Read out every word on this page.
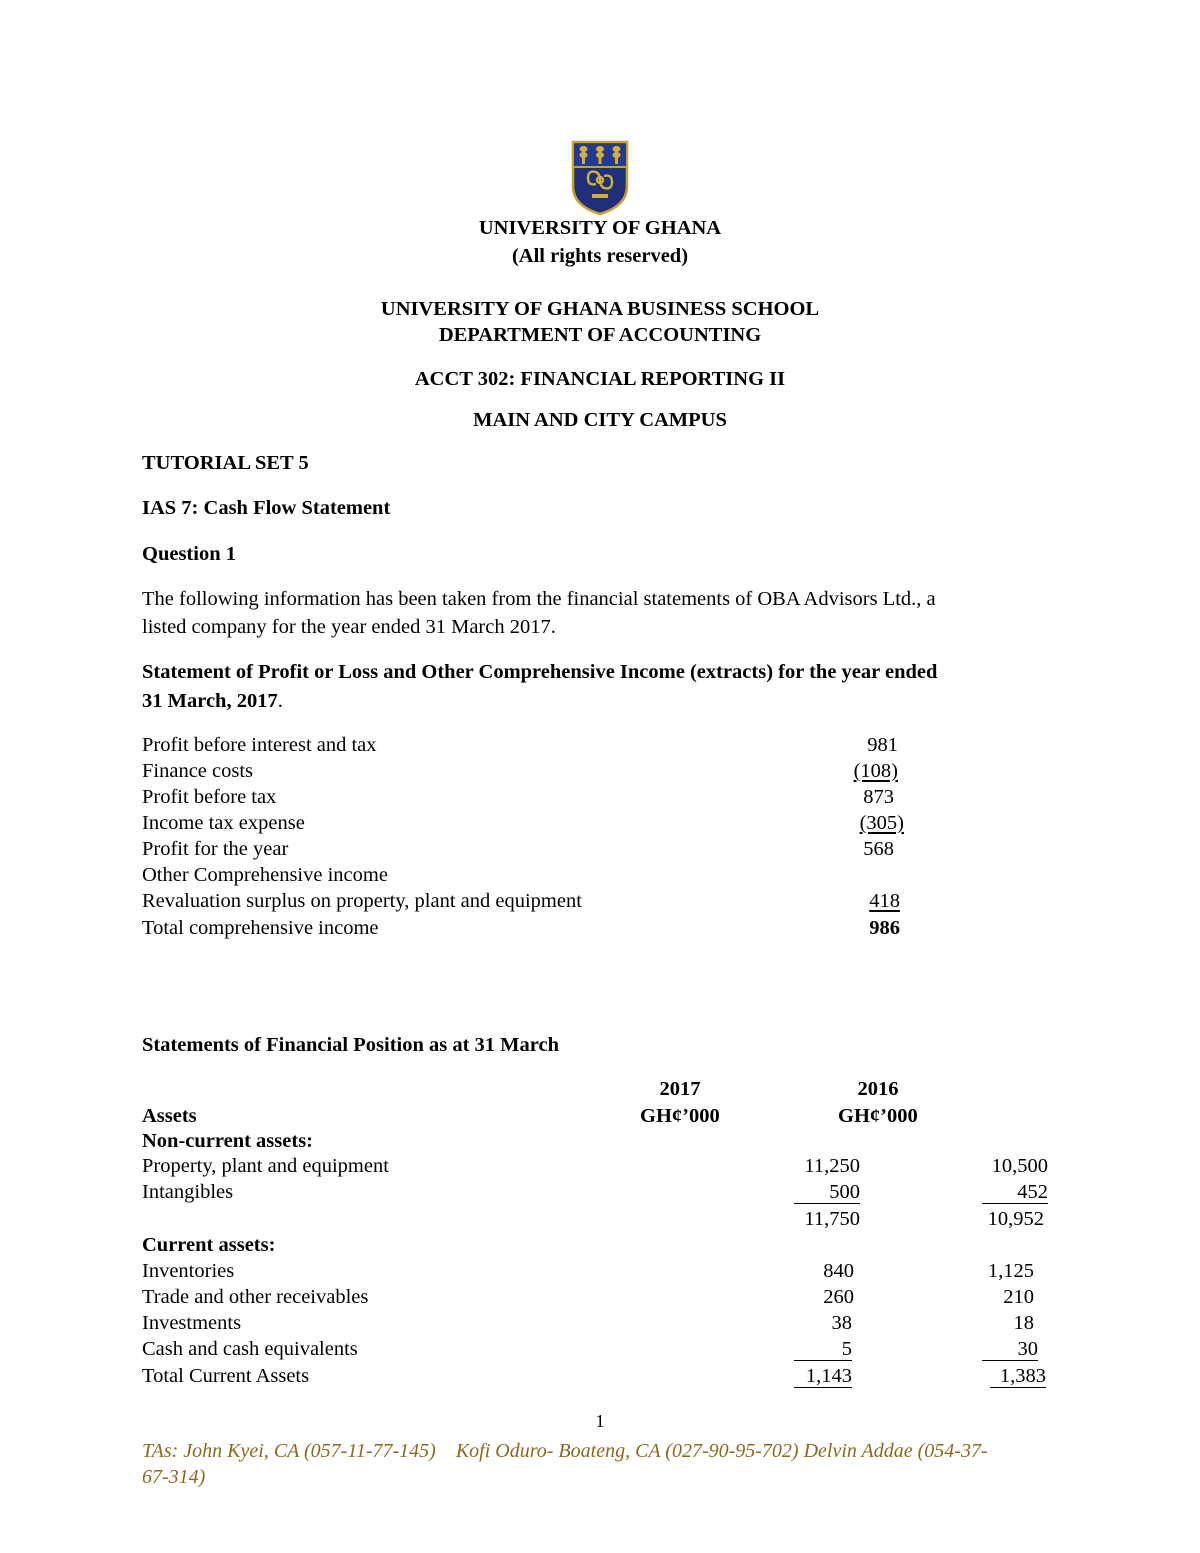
UNIVERSITY OF GHANA
(All rights reserved)
UNIVERSITY OF GHANA BUSINESS SCHOOL
DEPARTMENT OF ACCOUNTING
ACCT 302: FINANCIAL REPORTING II
MAIN AND CITY CAMPUS
TUTORIAL SET 5
IAS 7: Cash Flow Statement
Question 1
The following information has been taken from the financial statements of OBA Advisors Ltd., a
listed company for the year ended 31 March 2017.
Statement of Profit or Loss and Other Comprehensive Income (extracts) for the year ended
31 March, 2017.
Profit before interest and tax	981
Finance costs	(108)
Profit before tax	873
Income tax expense	(305)
Profit for the year	568
Other Comprehensive income
Revaluation surplus on property, plant and equipment	418
Total comprehensive income	986
Statements of Financial Position as at 31 March
2017	2016
Assets	GH¢’000	GH¢’000
Non-current assets:
Property, plant and equipment	11,250	10,500
Intangibles	500	452
11,750	10,952
Current assets:
Inventories	840	1,125
Trade and other receivables	260	210
Investments	38	18
Cash and cash equivalents	5	30
Total Current Assets	1,143	1,383
1
TAs: John Kyei, CA (057-11-77-145)    Kofi Oduro- Boateng, CA (027-90-95-702) Delvin Addae (054-37-
67-314)
